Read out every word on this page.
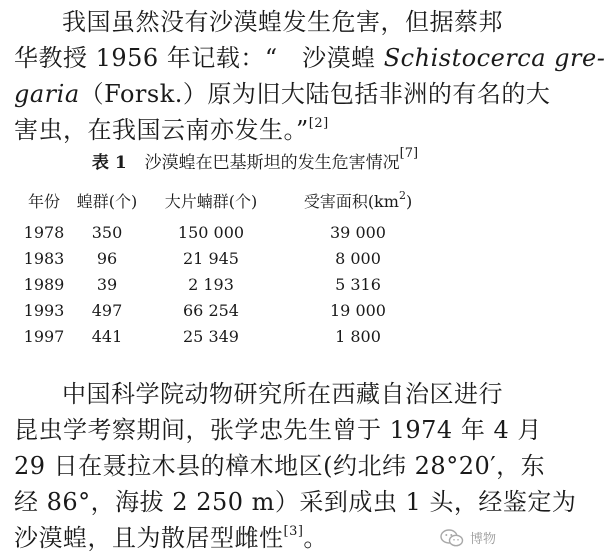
我国虽然没有沙漠蝗发生危害，但据蔡邦
华教授 1956 年记载：“　沙漠蝗 Schistocerca gre-
garia（Forsk.）原为旧大陆包括非洲的有名的大
害虫，在我国云南亦发生。”[2]
表 1 沙漠蝗在巴基斯坦的发生危害情况[7]
年份	蝗群(个)	大片蝻群(个)	受害面积$(km^2)$
1978	350	150 000	39 000
1983	96	21 945	8 000
1989	39	2 193	5 316
1993	497	66 254	19 000
1997	441	25 349	1 800
中国科学院动物研究所在西藏自治区进行
昆虫学考察期间，张学忠先生曾于 1974 年 4 月
29 日在聂拉木县的樟木地区(约北纬 28°20′，东
经 86°，海拔 2 250 m）采到成虫 1 头，经鉴定为
沙漠蝗，且为散居型雌性[3]。	博物
